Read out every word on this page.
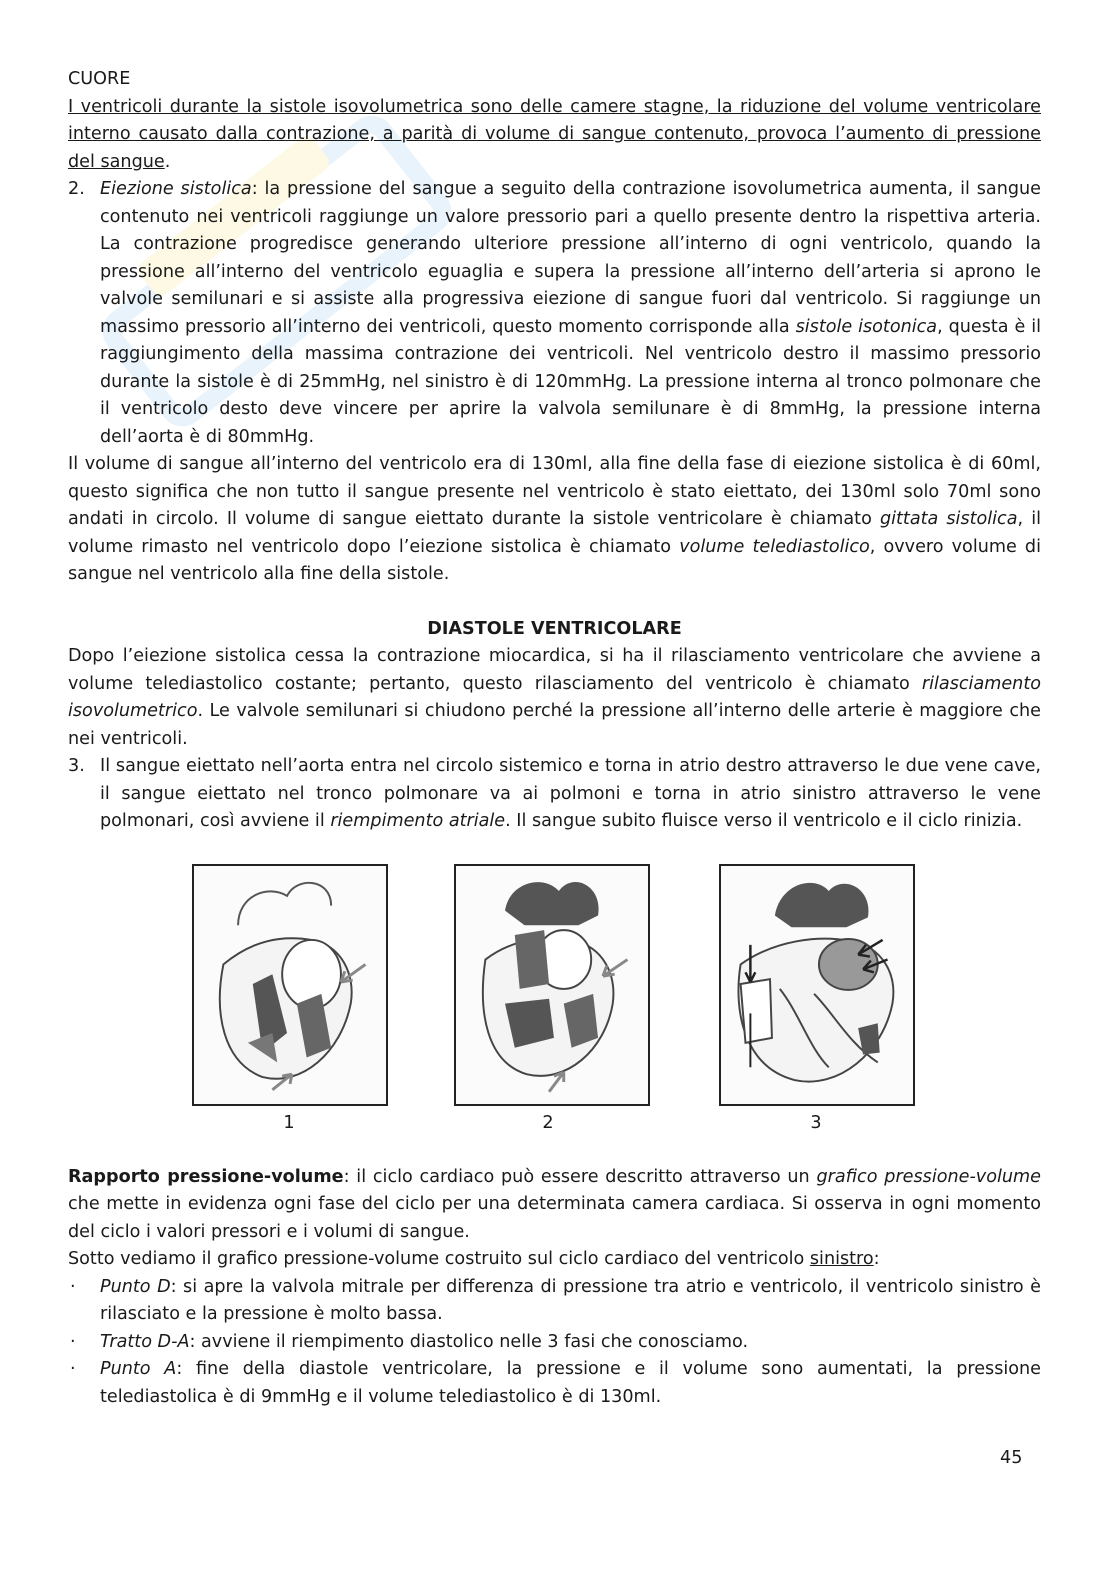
CUORE

I ventricoli durante la sistole isovolumetrica sono delle camere stagne, la riduzione del volume ventricolare interno causato dalla contrazione, a parità di volume di sangue contenuto, provoca l’aumento di pressione del sangue.

2. Eiezione sistolica: la pressione del sangue a seguito della contrazione isovolumetrica aumenta, il sangue contenuto nei ventricoli raggiunge un valore pressorio pari a quello presente dentro la rispettiva arteria. La contrazione progredisce generando ulteriore pressione all’interno di ogni ventricolo, quando la pressione all’interno del ventricolo eguaglia e supera la pressione all’interno dell’arteria si aprono le valvole semilunari e si assiste alla progressiva eiezione di sangue fuori dal ventricolo. Si raggiunge un massimo pressorio all’interno dei ventricoli, questo momento corrisponde alla sistole isotonica, questa è il raggiungimento della massima contrazione dei ventricoli. Nel ventricolo destro il massimo pressorio durante la sistole è di 25mmHg, nel sinistro è di 120mmHg. La pressione interna al tronco polmonare che il ventricolo desto deve vincere per aprire la valvola semilunare è di 8mmHg, la pressione interna dell’aorta è di 80mmHg.

Il volume di sangue all’interno del ventricolo era di 130ml, alla fine della fase di eiezione sistolica è di 60ml, questo significa che non tutto il sangue presente nel ventricolo è stato eiettato, dei 130ml solo 70ml sono andati in circolo. Il volume di sangue eiettato durante la sistole ventricolare è chiamato gittata sistolica, il volume rimasto nel ventricolo dopo l’eiezione sistolica è chiamato volume telediastolico, ovvero volume di sangue nel ventricolo alla fine della sistole.

DIASTOLE VENTRICOLARE

Dopo l’eiezione sistolica cessa la contrazione miocardica, si ha il rilasciamento ventricolare che avviene a volume telediastolico costante; pertanto, questo rilasciamento del ventricolo è chiamato rilasciamento isovolumetrico. Le valvole semilunari si chiudono perché la pressione all’interno delle arterie è maggiore che nei ventricoli.

3. Il sangue eiettato nell’aorta entra nel circolo sistemico e torna in atrio destro attraverso le due vene cave, il sangue eiettato nel tronco polmonare va ai polmoni e torna in atrio sinistro attraverso le vene polmonari, così avviene il riempimento atriale. Il sangue subito fluisce verso il ventricolo e il ciclo rinizia.
1	2	3

Rapporto pressione-volume: il ciclo cardiaco può essere descritto attraverso un grafico pressione-volume che mette in evidenza ogni fase del ciclo per una determinata camera cardiaca. Si osserva in ogni momento del ciclo i valori pressori e i volumi di sangue.

Sotto vediamo il grafico pressione-volume costruito sul ciclo cardiaco del ventricolo sinistro:

· Punto D: si apre la valvola mitrale per differenza di pressione tra atrio e ventricolo, il ventricolo sinistro è rilasciato e la pressione è molto bassa.
· Tratto D-A: avviene il riempimento diastolico nelle 3 fasi che conosciamo.
· Punto A: fine della diastole ventricolare, la pressione e il volume sono aumentati, la pressione telediastolica è di 9mmHg e il volume telediastolico è di 130ml.
45
